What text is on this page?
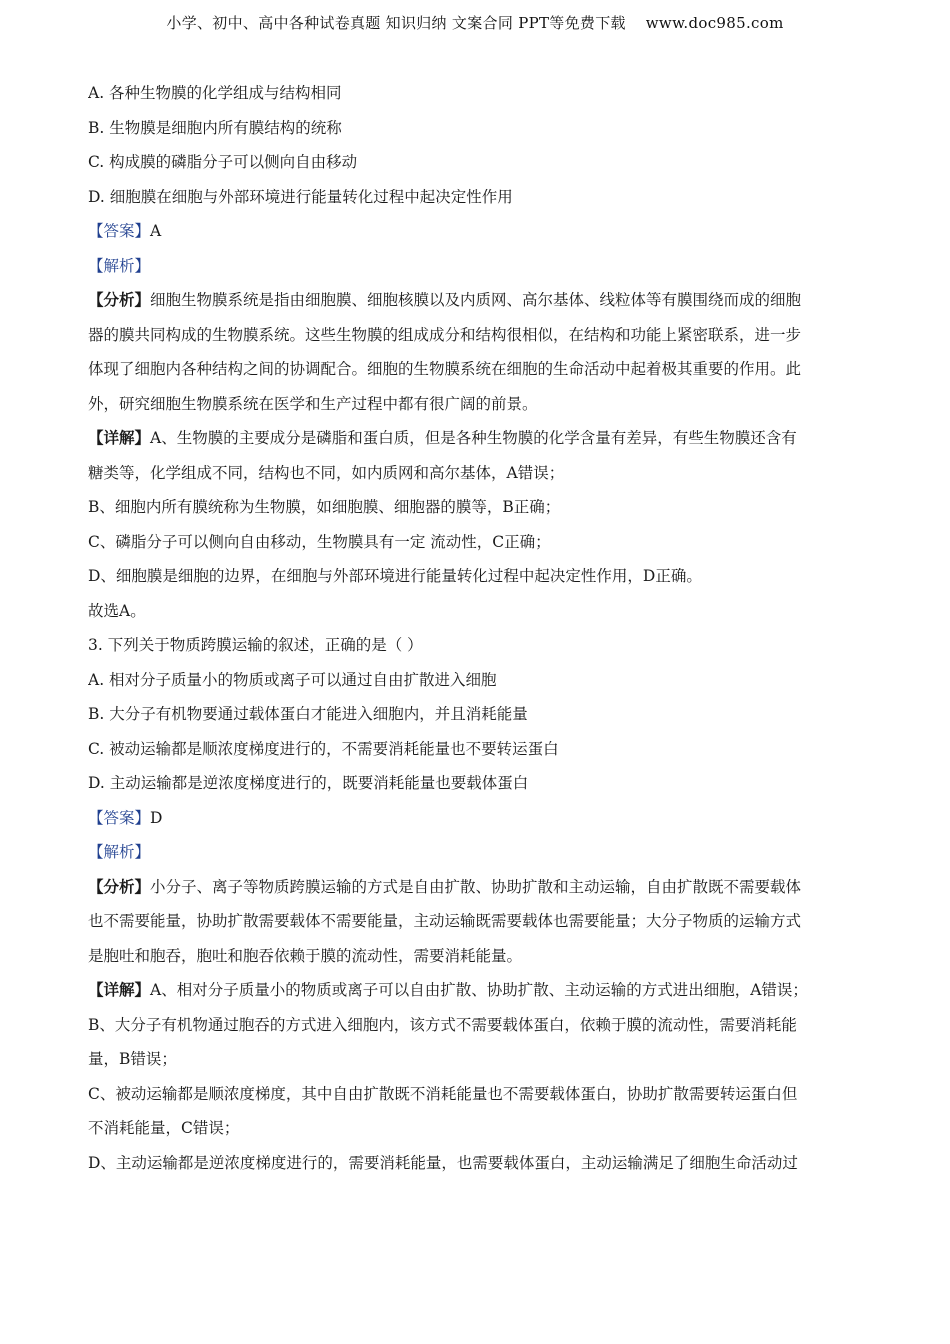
小学、初中、高中各种试卷真题 知识归纳 文案合同 PPT等免费下载 www.doc985.com
A. 各种生物膜的化学组成与结构相同
B. 生物膜是细胞内所有膜结构的统称
C. 构成膜的磷脂分子可以侧向自由移动
D. 细胞膜在细胞与外部环境进行能量转化过程中起决定性作用
【答案】A
【解析】
【分析】细胞生物膜系统是指由细胞膜、细胞核膜以及内质网、高尔基体、线粒体等有膜围绕而成的细胞
器的膜共同构成的生物膜系统。这些生物膜的组成成分和结构很相似，在结构和功能上紧密联系，进一步
体现了细胞内各种结构之间的协调配合。细胞的生物膜系统在细胞的生命活动中起着极其重要的作用。此
外，研究细胞生物膜系统在医学和生产过程中都有很广阔的前景。
【详解】A、生物膜的主要成分是磷脂和蛋白质，但是各种生物膜的化学含量有差异，有些生物膜还含有
糖类等，化学组成不同，结构也不同，如内质网和高尔基体，A错误；
B、细胞内所有膜统称为生物膜，如细胞膜、细胞器的膜等，B正确；
C、磷脂分子可以侧向自由移动，生物膜具有一定 流动性，C正确；
D、细胞膜是细胞的边界，在细胞与外部环境进行能量转化过程中起决定性作用，D正确。
故选A。
3. 下列关于物质跨膜运输的叙述，正确的是（ ）
A. 相对分子质量小的物质或离子可以通过自由扩散进入细胞
B. 大分子有机物要通过载体蛋白才能进入细胞内，并且消耗能量
C. 被动运输都是顺浓度梯度进行的，不需要消耗能量也不要转运蛋白
D. 主动运输都是逆浓度梯度进行的，既要消耗能量也要载体蛋白
【答案】D
【解析】
【分析】小分子、离子等物质跨膜运输的方式是自由扩散、协助扩散和主动运输，自由扩散既不需要载体
也不需要能量，协助扩散需要载体不需要能量，主动运输既需要载体也需要能量；大分子物质的运输方式
是胞吐和胞吞，胞吐和胞吞依赖于膜的流动性，需要消耗能量。
【详解】A、相对分子质量小的物质或离子可以自由扩散、协助扩散、主动运输的方式进出细胞，A错误；
B、大分子有机物通过胞吞的方式进入细胞内，该方式不需要载体蛋白，依赖于膜的流动性，需要消耗能
量，B错误；
C、被动运输都是顺浓度梯度，其中自由扩散既不消耗能量也不需要载体蛋白，协助扩散需要转运蛋白但
不消耗能量，C错误；
D、主动运输都是逆浓度梯度进行的，需要消耗能量，也需要载体蛋白，主动运输满足了细胞生命活动过
